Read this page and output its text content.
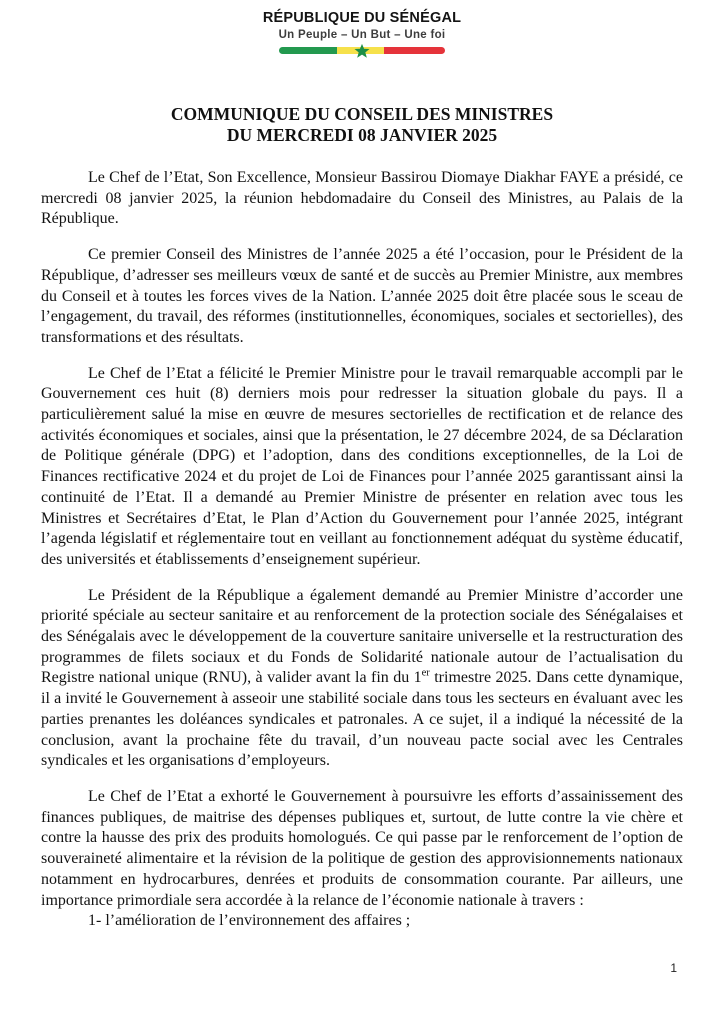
RÉPUBLIQUE DU SÉNÉGAL
Un Peuple – Un But – Une foi
COMMUNIQUE DU CONSEIL DES MINISTRES
DU MERCREDI 08 JANVIER 2025

Le Chef de l’Etat, Son Excellence, Monsieur Bassirou Diomaye Diakhar FAYE a présidé, ce mercredi 08 janvier 2025, la réunion hebdomadaire du Conseil des Ministres, au Palais de la République.

Ce premier Conseil des Ministres de l’année 2025 a été l’occasion, pour le Président de la République, d’adresser ses meilleurs vœux de santé et de succès au Premier Ministre, aux membres du Conseil et à toutes les forces vives de la Nation. L’année 2025 doit être placée sous le sceau de l’engagement, du travail, des réformes (institutionnelles, économiques, sociales et sectorielles), des transformations et des résultats.

Le Chef de l’Etat a félicité le Premier Ministre pour le travail remarquable accompli par le Gouvernement ces huit (8) derniers mois pour redresser la situation globale du pays. Il a particulièrement salué la mise en œuvre de mesures sectorielles de rectification et de relance des activités économiques et sociales, ainsi que la présentation, le 27 décembre 2024, de sa Déclaration de Politique générale (DPG) et l’adoption, dans des conditions exceptionnelles, de la Loi de Finances rectificative 2024 et du projet de Loi de Finances pour l’année 2025 garantissant ainsi la continuité de l’Etat. Il a demandé au Premier Ministre de présenter en relation avec tous les Ministres et Secrétaires d’Etat, le Plan d’Action du Gouvernement pour l’année 2025, intégrant l’agenda législatif et réglementaire tout en veillant au fonctionnement adéquat du système éducatif, des universités et établissements d’enseignement supérieur.

Le Président de la République a également demandé au Premier Ministre d’accorder une priorité spéciale au secteur sanitaire et au renforcement de la protection sociale des Sénégalaises et des Sénégalais avec le développement de la couverture sanitaire universelle et la restructuration des programmes de filets sociaux et du Fonds de Solidarité nationale autour de l’actualisation du Registre national unique (RNU), à valider avant la fin du 1er trimestre 2025. Dans cette dynamique, il a invité le Gouvernement à asseoir une stabilité sociale dans tous les secteurs en évaluant avec les parties prenantes les doléances syndicales et patronales. A ce sujet, il a indiqué la nécessité de la conclusion, avant la prochaine fête du travail, d’un nouveau pacte social avec les Centrales syndicales et les organisations d’employeurs.

Le Chef de l’Etat a exhorté le Gouvernement à poursuivre les efforts d’assainissement des finances publiques, de maitrise des dépenses publiques et, surtout, de lutte contre la vie chère et contre la hausse des prix des produits homologués. Ce qui passe par le renforcement de l’option de souveraineté alimentaire et la révision de la politique de gestion des approvisionnements nationaux notamment en hydrocarbures, denrées et produits de consommation courante. Par ailleurs, une importance primordiale sera accordée à la relance de l’économie nationale à travers :

1- l’amélioration de l’environnement des affaires ;

1
